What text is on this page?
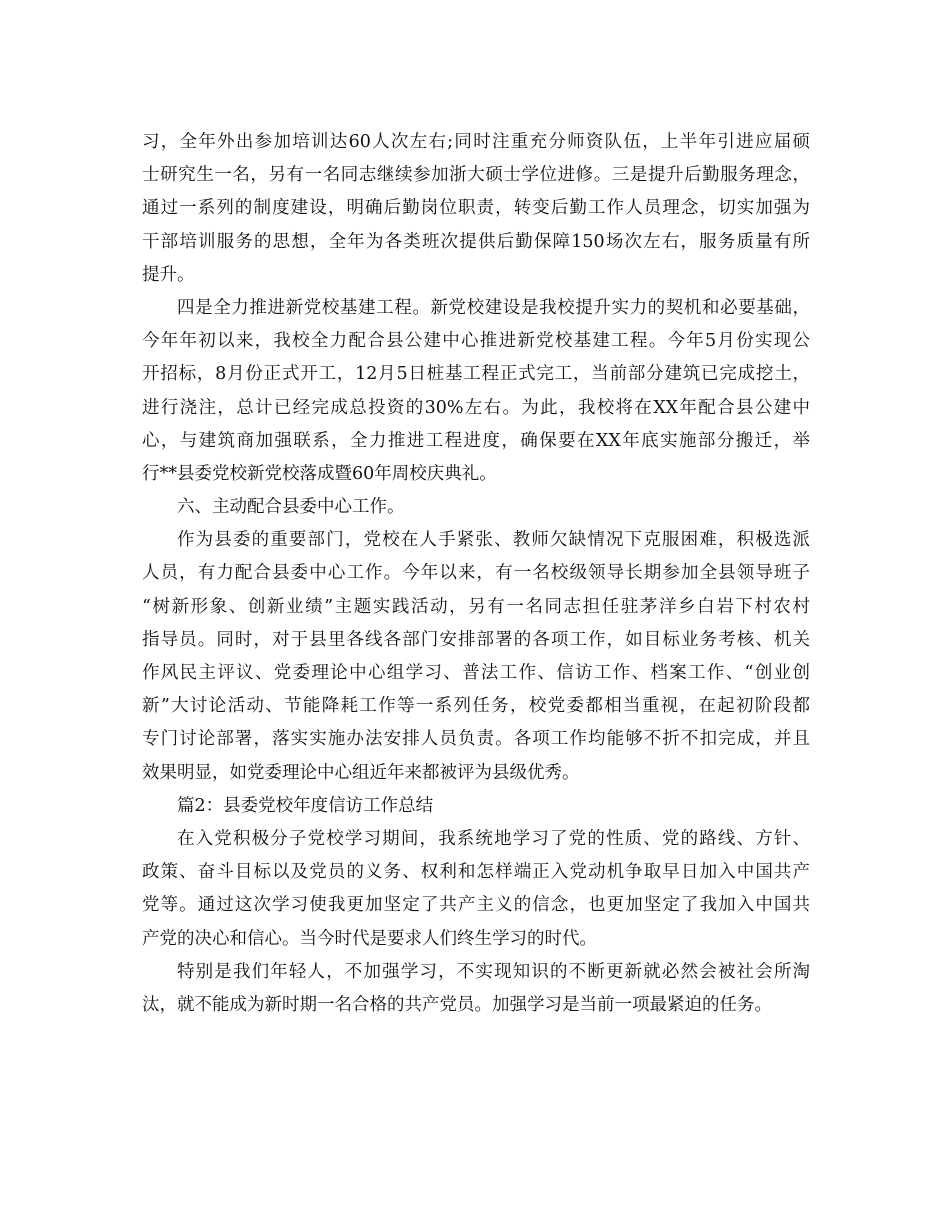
习，全年外出参加培训达60人次左右;同时注重充分师资队伍，上半年引进应届硕
士研究生一名，另有一名同志继续参加浙大硕士学位进修。三是提升后勤服务理念，
通过一系列的制度建设，明确后勤岗位职责，转变后勤工作人员理念，切实加强为
干部培训服务的思想，全年为各类班次提供后勤保障150场次左右，服务质量有所
提升。

四是全力推进新党校基建工程。新党校建设是我校提升实力的契机和必要基础，
今年年初以来，我校全力配合县公建中心推进新党校基建工程。今年5月份实现公
开招标，8月份正式开工，12月5日桩基工程正式完工，当前部分建筑已完成挖土，
进行浇注，总计已经完成总投资的30%左右。为此，我校将在XX年配合县公建中
心，与建筑商加强联系，全力推进工程进度，确保要在XX年底实施部分搬迁，举
行**县委党校新党校落成暨60年周校庆典礼。

六、主动配合县委中心工作。

作为县委的重要部门，党校在人手紧张、教师欠缺情况下克服困难，积极选派
人员，有力配合县委中心工作。今年以来，有一名校级领导长期参加全县领导班子
“树新形象、创新业绩”主题实践活动，另有一名同志担任驻茅洋乡白岩下村农村
指导员。同时，对于县里各线各部门安排部署的各项工作，如目标业务考核、机关
作风民主评议、党委理论中心组学习、普法工作、信访工作、档案工作、“创业创
新”大讨论活动、节能降耗工作等一系列任务，校党委都相当重视，在起初阶段都
专门讨论部署，落实实施办法安排人员负责。各项工作均能够不折不扣完成，并且
效果明显，如党委理论中心组近年来都被评为县级优秀。

篇2：县委党校年度信访工作总结

在入党积极分子党校学习期间，我系统地学习了党的性质、党的路线、方针、
政策、奋斗目标以及党员的义务、权利和怎样端正入党动机争取早日加入中国共产
党等。通过这次学习使我更加坚定了共产主义的信念，也更加坚定了我加入中国共
产党的决心和信心。当今时代是要求人们终生学习的时代。

特别是我们年轻人，不加强学习，不实现知识的不断更新就必然会被社会所淘
汰，就不能成为新时期一名合格的共产党员。加强学习是当前一项最紧迫的任务。
